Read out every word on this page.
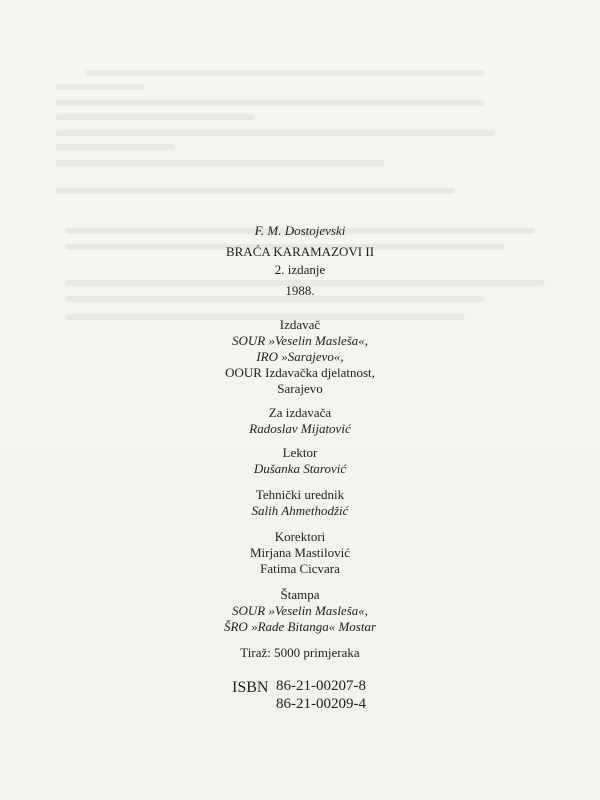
F. M. Dostojevski
BRAĆA KARAMAZOVI II
2. izdanje
1988.
Izdavač
SOUR »Veselin Masleša«,
IRO »Sarajevo«,
OOUR Izdavačka djelatnost,
Sarajevo
Za izdavača
Radoslav Mijatović
Lektor
Dušanka Starović
Tehnički urednik
Salih Ahmethodžić
Korektori
Mirjana Mastilović
Fatima Cicvara
Štampa
SOUR »Veselin Masleša«,
ŠRO »Rade Bitanga« Mostar
Tiraž: 5000 primjeraka
ISBN 86-21-00207-8
86-21-00209-4
